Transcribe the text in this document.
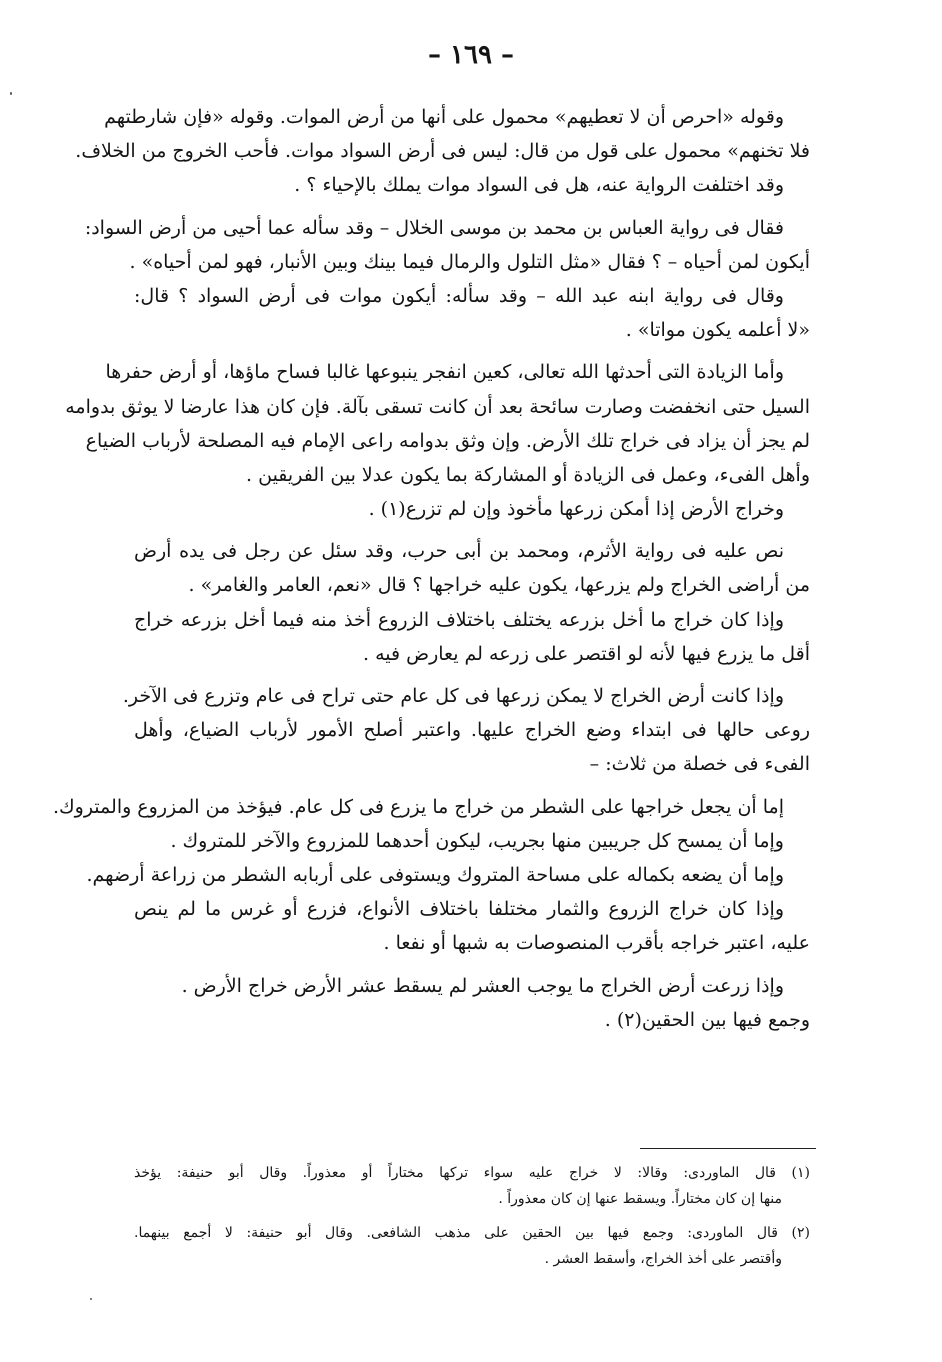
– ١٦٩ –
وقوله «احرص أن لا تعطيهم» محمول على أنها من أرض الموات. وقوله «فإن شارطتهم
فلا تخنهم» محمول على قول من قال: ليس فى أرض السواد موات. فأحب الخروج من الخلاف.
وقد اختلفت الرواية عنه، هل فى السواد موات يملك بالإحياء ؟ .
فقال فى رواية العباس بن محمد بن موسى الخلال – وقد سأله عما أحيى من أرض السواد:
أيكون لمن أحياه – ؟ فقال «مثل التلول والرمال فيما بينك وبين الأنبار، فهو لمن أحياه» .
وقال فى رواية ابنه عبد الله – وقد سأله: أيكون موات فى أرض السواد ؟ قال:
«لا أعلمه يكون مواتا» .
وأما الزيادة التى أحدثها الله تعالى، كعين انفجر ينبوعها غالبا فساح ماؤها، أو أرض حفرها
السيل حتى انخفضت وصارت سائحة بعد أن كانت تسقى بآلة. فإن كان هذا عارضا لا يوثق بدوامه
لم يجز أن يزاد فى خراج تلك الأرض. وإن وثق بدوامه راعى الإمام فيه المصلحة لأرباب الضياع
وأهل الفىء، وعمل فى الزيادة أو المشاركة بما يكون عدلا بين الفريقين .
وخراج الأرض إذا أمكن زرعها مأخوذ وإن لم تزرع(١) .
نص عليه فى رواية الأثرم، ومحمد بن أبى حرب، وقد سئل عن رجل فى يده أرض
من أراضى الخراج ولم يزرعها، يكون عليه خراجها ؟ قال «نعم، العامر والغامر» .
وإذا كان خراج ما أخل بزرعه يختلف باختلاف الزروع أخذ منه فيما أخل بزرعه خراج
أقل ما يزرع فيها لأنه لو اقتصر على زرعه لم يعارض فيه .
وإذا كانت أرض الخراج لا يمكن زرعها فى كل عام حتى تراح فى عام وتزرع فى الآخر.
روعى حالها فى ابتداء وضع الخراج عليها. واعتبر أصلح الأمور لأرباب الضياع، وأهل
الفىء فى خصلة من ثلاث: –
إما أن يجعل خراجها على الشطر من خراج ما يزرع فى كل عام. فيؤخذ من المزروع والمتروك.
وإما أن يمسح كل جريبين منها بجريب، ليكون أحدهما للمزروع والآخر للمتروك .
وإما أن يضعه بكماله على مساحة المتروك ويستوفى على أربابه الشطر من زراعة أرضهم.
وإذا كان خراج الزروع والثمار مختلفا باختلاف الأنواع، فزرع أو غرس ما لم ينص
عليه، اعتبر خراجه بأقرب المنصوصات به شبها أو نفعا .
وإذا زرعت أرض الخراج ما يوجب العشر لم يسقط عشر الأرض خراج الأرض .
وجمع فيها بين الحقين(٢) .
(١) قال الماوردى: وقالا: لا خراج عليه سواء تركها مختاراً أو معذوراً. وقال أبو حنيفة: يؤخذ
منها إن كان مختاراً. ويسقط عنها إن كان معذوراً .
(٢) قال الماوردى: وجمع فيها بين الحقين على مذهب الشافعى. وقال أبو حنيفة: لا أجمع بينهما.
وأقتصر على أخذ الخراج، وأسقط العشر .
